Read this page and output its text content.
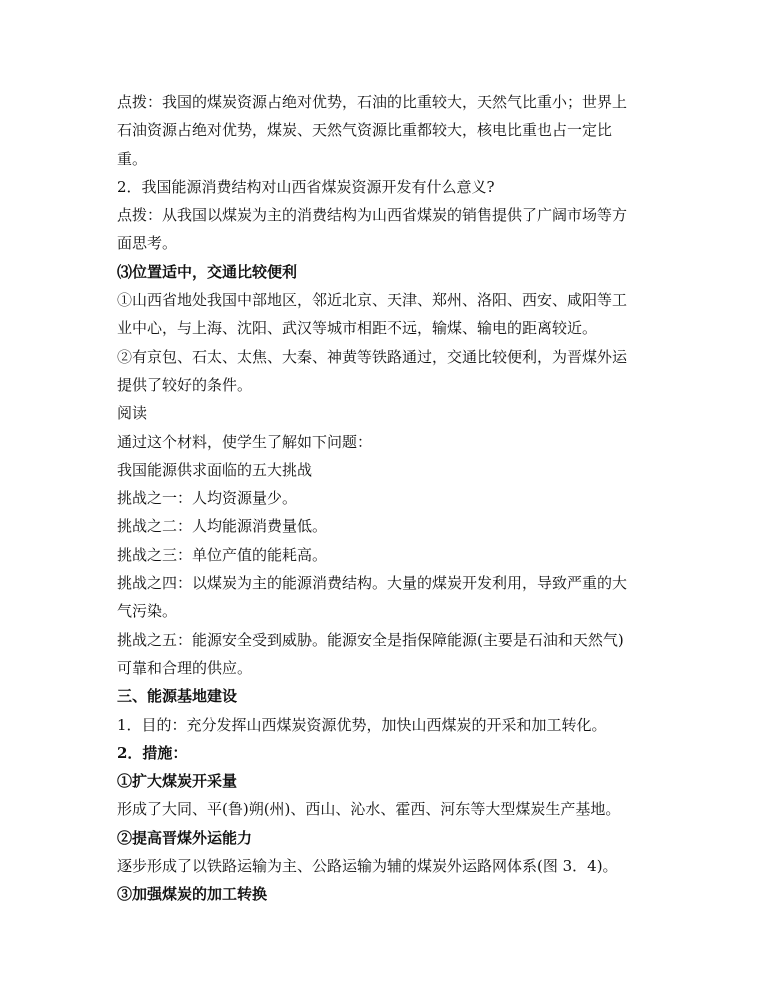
点拨：我国的煤炭资源占绝对优势，石油的比重较大，天然气比重小；世界上
石油资源占绝对优势，煤炭、天然气资源比重都较大，核电比重也占一定比
重。
2．我国能源消费结构对山西省煤炭资源开发有什么意义?
点拨：从我国以煤炭为主的消费结构为山西省煤炭的销售提供了广阔市场等方
面思考。
⑶位置适中，交通比较便利
①山西省地处我国中部地区，邻近北京、天津、郑州、洛阳、西安、咸阳等工
业中心，与上海、沈阳、武汉等城市相距不远，输煤、输电的距离较近。
②有京包、石太、太焦、大秦、神黄等铁路通过，交通比较便利，为晋煤外运
提供了较好的条件。
阅读
通过这个材料，使学生了解如下问题：
我国能源供求面临的五大挑战
挑战之一：人均资源量少。
挑战之二：人均能源消费量低。
挑战之三：单位产值的能耗高。
挑战之四：以煤炭为主的能源消费结构。大量的煤炭开发利用，导致严重的大
气污染。
挑战之五：能源安全受到威胁。能源安全是指保障能源(主要是石油和天然气)
可靠和合理的供应。
三、能源基地建设
1．目的：充分发挥山西煤炭资源优势，加快山西煤炭的开采和加工转化。
2．措施：
①扩大煤炭开采量
形成了大同、平(鲁)朔(州)、西山、沁水、霍西、河东等大型煤炭生产基地。
②提高晋煤外运能力
逐步形成了以铁路运输为主、公路运输为辅的煤炭外运路网体系(图 3．4)。
③加强煤炭的加工转换
